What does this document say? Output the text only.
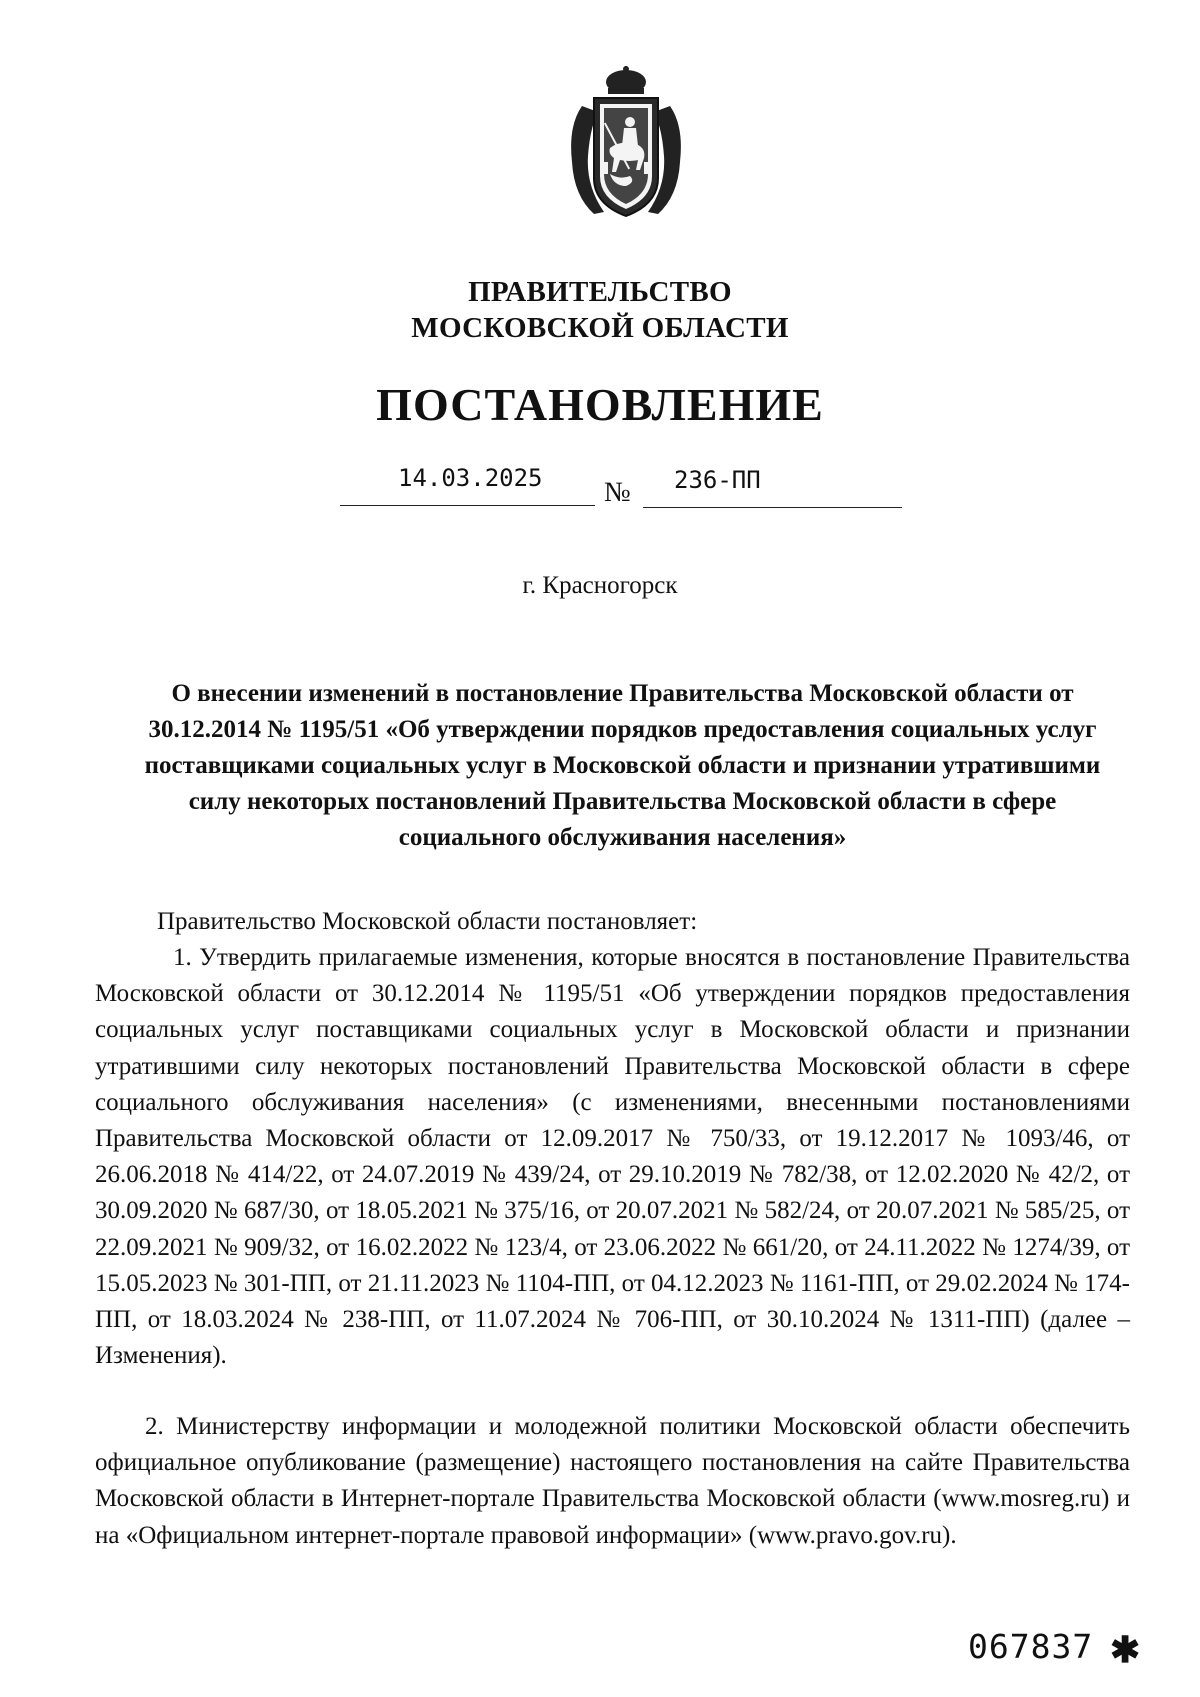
ПРАВИТЕЛЬСТВО
МОСКОВСКОЙ ОБЛАСТИ
ПОСТАНОВЛЕНИЕ
14.03.2025 № 236-ПП
г. Красногорск
О внесении изменений в постановление Правительства Московской области от 30.12.2014 № 1195/51 «Об утверждении порядков предоставления социальных услуг поставщиками социальных услуг в Московской области и признании утратившими силу некоторых постановлений Правительства Московской области в сфере социального обслуживания населения»
Правительство Московской области постановляет:
1. Утвердить прилагаемые изменения, которые вносятся в постановление Правительства Московской области от 30.12.2014 № 1195/51 «Об утверждении порядков предоставления социальных услуг поставщиками социальных услуг в Московской области и признании утратившими силу некоторых постановлений Правительства Московской области в сфере социального обслуживания населения» (с изменениями, внесенными постановлениями Правительства Московской области от 12.09.2017 № 750/33, от 19.12.2017 № 1093/46, от 26.06.2018 № 414/22, от 24.07.2019 № 439/24, от 29.10.2019 № 782/38, от 12.02.2020 № 42/2, от 30.09.2020 № 687/30, от 18.05.2021 № 375/16, от 20.07.2021 № 582/24, от 20.07.2021 № 585/25, от 22.09.2021 № 909/32, от 16.02.2022 № 123/4, от 23.06.2022 № 661/20, от 24.11.2022 № 1274/39, от 15.05.2023 № 301-ПП, от 21.11.2023 № 1104-ПП, от 04.12.2023 № 1161-ПП, от 29.02.2024 № 174-ПП, от 18.03.2024 № 238-ПП, от 11.07.2024 № 706-ПП, от 30.10.2024 № 1311-ПП) (далее – Изменения).
2. Министерству информации и молодежной политики Московской области обеспечить официальное опубликование (размещение) настоящего постановления на сайте Правительства Московской области в Интернет-портале Правительства Московской области (www.mosreg.ru) и на «Официальном интернет-портале правовой информации» (www.pravo.gov.ru).
067837 ✱
